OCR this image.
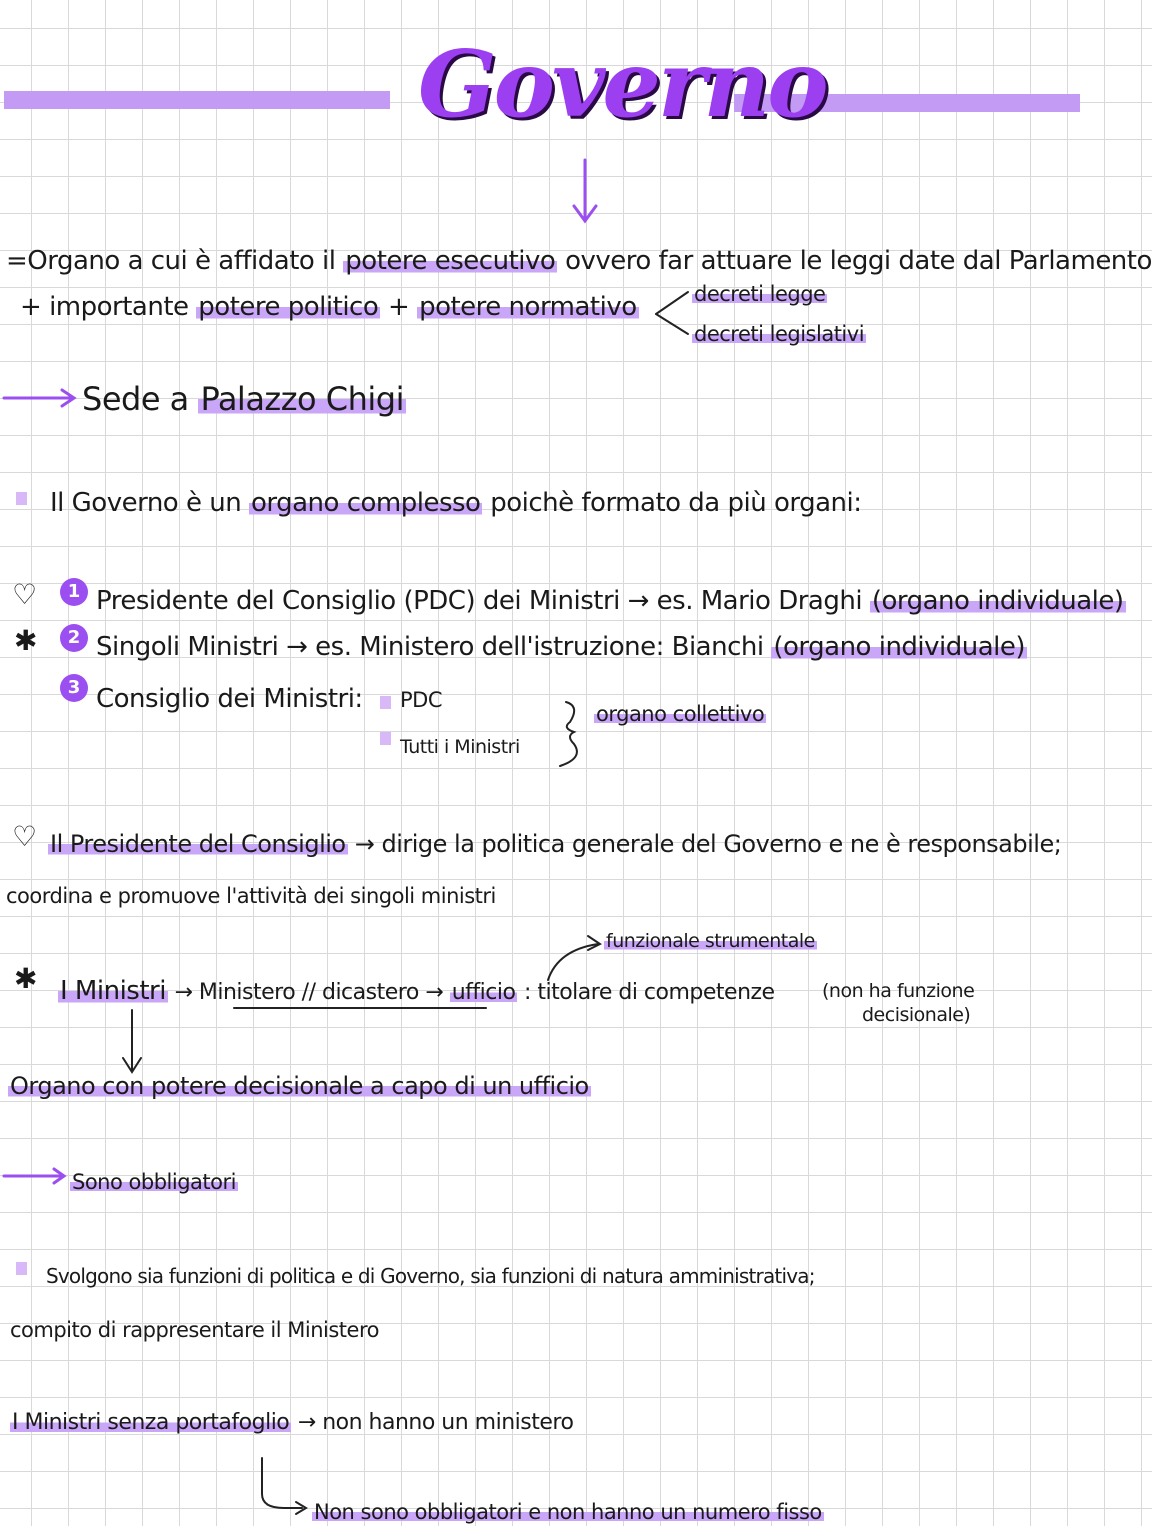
Governo
=Organo a cui è affidato il potere esecutivo ovvero far attuare le leggi date dal Parlamento
+ importante potere politico + potere normativo	decreti legge
decreti legislativi
Sede a Palazzo Chigi
Il Governo è un organo complesso poichè formato da più organi:
♡
✱
1 Presidente del Consiglio (PDC) dei Ministri → es. Mario Draghi (organo individuale)
2 Singoli Ministri → es. Ministero dell'istruzione: Bianchi (organo individuale)
3 Consiglio dei Ministri: PDC
Tutti i Ministri
organo collettivo
♡ Il Presidente del Consiglio → dirige la politica generale del Governo e ne è responsabile;
coordina e promuove l'attività dei singoli ministri
✱
funzionale strumentale
I Ministri → Ministero // dicastero → ufficio : titolare di competenze (non ha funzione
decisionale)
Organo con potere decisionale a capo di un ufficio
Sono obbligatori
Svolgono sia funzioni di politica e di Governo, sia funzioni di natura amministrativa;
compito di rappresentare il Ministero
I Ministri senza portafoglio → non hanno un ministero
Non sono obbligatori e non hanno un numero fisso
